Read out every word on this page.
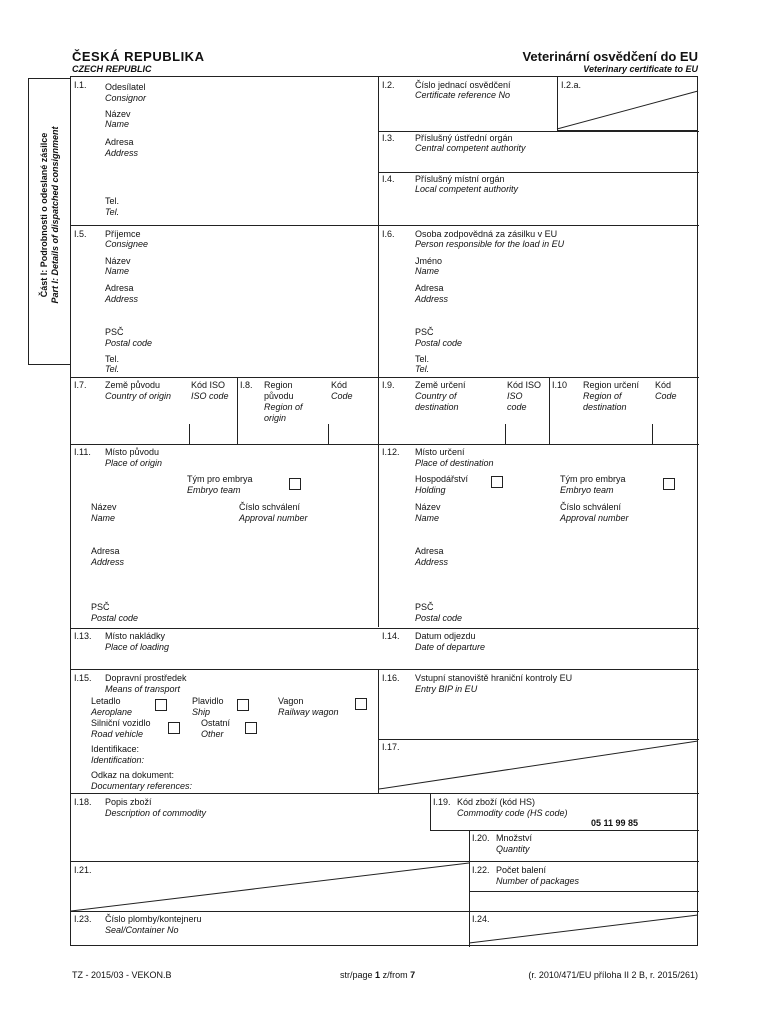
ČESKÁ REPUBLIKA
CZECH REPUBLIC
Veterinární osvědčení do EU
Veterinary certificate to EU
Část I: Podrobnosti o odeslané zásilce Part I: Details of dispatched consignment
I.1. Odesílatel
Consignor
Název
Name
Adresa
Address
Tel.
Tel.
I.2. Číslo jednací osvědčení
Certificate reference No
I.2.a.
I.3. Příslušný ústřední orgán
Central competent authority
I.4. Příslušný místní orgán
Local competent authority
I.5. Příjemce
Consignee
Název
Name
Adresa
Address
PSČ
Postal code
Tel.
Tel.
I.6. Osoba zodpovědná za zásilku v EU
Person responsible for the load in EU
Jméno
Name
Adresa
Address
PSČ
Postal code
Tel.
Tel.
I.7. Země původu
Country of origin
Kód ISO
ISO code
I.8. Region
původu
Region of
origin
Kód
Code
I.9. Země určení
Country of
destination
Kód ISO
ISO
code
I.10 Region určení
Region of
destination
Kód
Code
I.11. Místo původu
Place of origin
Tým pro embrya
Embryo team
Název
Name
Číslo schválení
Approval number
Adresa
Address
PSČ
Postal code
I.12. Místo určení
Place of destination
Hospodářství
Holding
Tým pro embrya
Embryo team
Název
Name
Číslo schválení
Approval number
Adresa
Address
PSČ
Postal code
I.13. Místo nakládky
Place of loading
I.14. Datum odjezdu
Date of departure
I.15. Dopravní prostředek
Means of transport
Letadlo
Aeroplane
Plavidlo
Ship
Vagon
Railway wagon
Silniční vozidlo
Road vehicle
Ostatní
Other
Identifikace:
Identification:
Odkaz na dokument:
Documentary references:
I.16. Vstupní stanoviště hraniční kontroly EU
Entry BIP in EU
I.17.
I.18. Popis zboží
Description of commodity
I.19. Kód zboží (kód HS)
Commodity code (HS code)
05 11 99 85
I.20. Množství
Quantity
I.21.	I.22. Počet balení
Number of packages
I.23. Číslo plomby/kontejneru
Seal/Container No
I.24.
TZ - 2015/03 - VEKON.B	str/page 1 z/from 7	(r. 2010/471/EU příloha II 2 B, r. 2015/261)
